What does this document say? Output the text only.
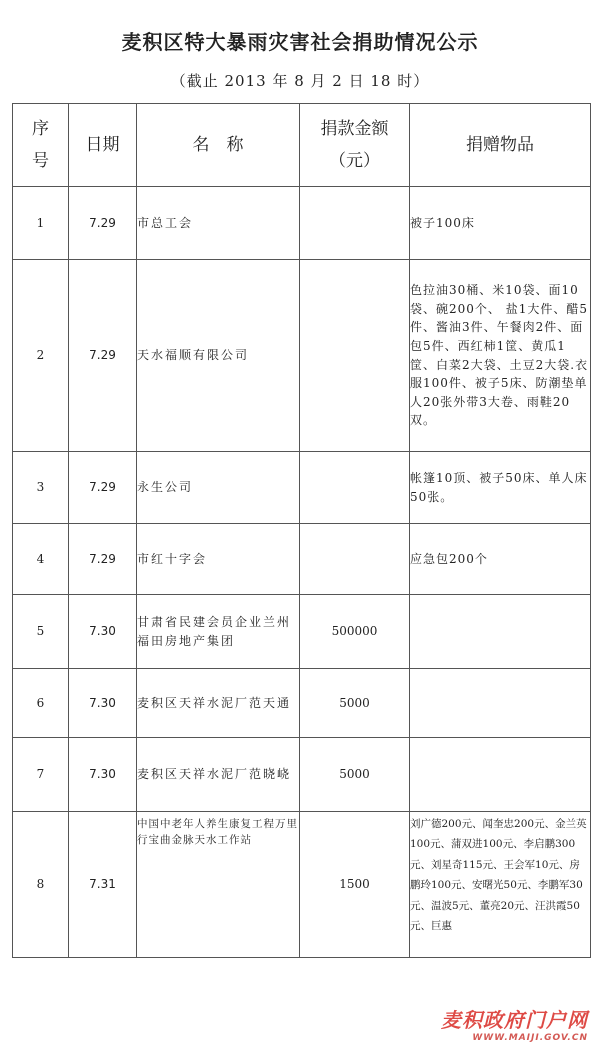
麦积区特大暴雨灾害社会捐助情况公示
（截止 2013 年 8 月 2 日 18 时）
序号	日期	名　称	捐款金额（元）	捐赠物品
1	7.29	市总工会		被子100床
2	7.29	天水福顺有限公司		色拉油30桶、米10袋、面10袋、碗200个、 盐1大件、醋5件、酱油3件、午餐肉2件、面包5件、西红柿1筐、黄瓜1筐、白菜2大袋、土豆2大袋.衣服100件、被子5床、防潮垫单人20张外带3大卷、雨鞋20双。
3	7.29	永生公司		帐篷10顶、被子50床、单人床50张。
4	7.29	市红十字会		应急包200个
5	7.30	甘肃省民建会员企业兰州福田房地产集团	500000	
6	7.30	麦积区天祥水泥厂范天通	5000	
7	7.30	麦积区天祥水泥厂范晓峣	5000	
8	7.31	中国中老年人养生康复工程万里行宝曲金脉天水工作站	1500	刘广德200元、闻奎忠200元、金兰英100元、蒲双进100元、李启鹏300元、刘星奇115元、王会军10元、房鹏玲100元、安曙光50元、李鹏军30元、温波5元、董亮20元、汪洪霞50元、巨惠
麦积政府门户网
WWW.MAIJI.GOV.CN
